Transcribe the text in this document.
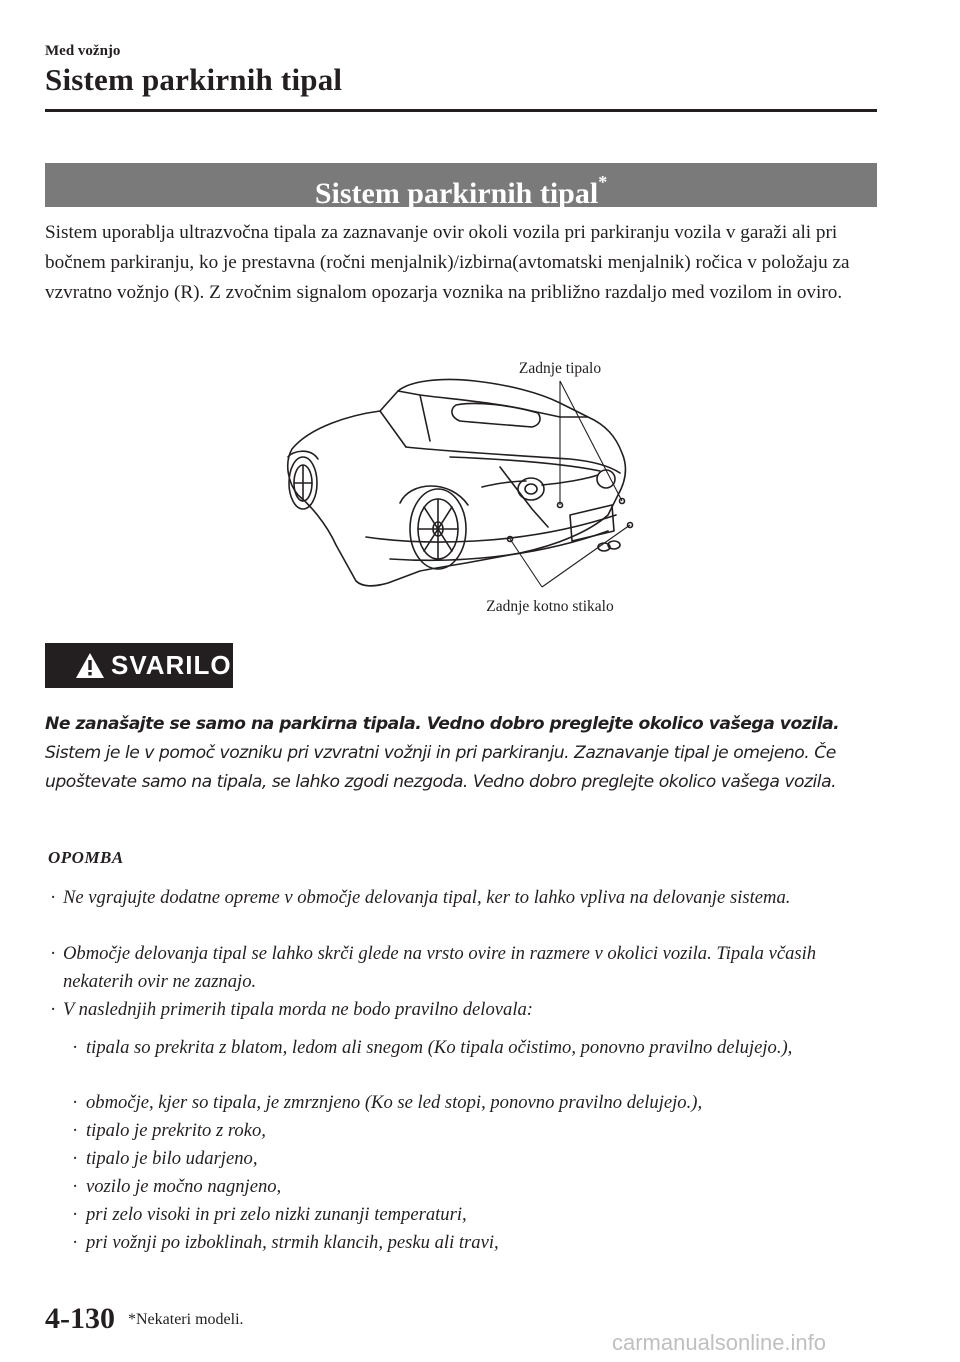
Med vožnjo
Sistem parkirnih tipal
Sistem parkirnih tipal*
Sistem uporablja ultrazvočna tipala za zaznavanje ovir okoli vozila pri parkiranju vozila v garaži ali pri bočnem parkiranju, ko je prestavna (ročni menjalnik)/izbirna(avtomatski menjalnik) ročica v položaju za vzvratno vožnjo (R). Z zvočnim signalom opozarja voznika na približno razdaljo med vozilom in oviro.
Zadnje tipalo
Zadnje kotno stikalo
SVARILO
Ne zanašajte se samo na parkirna tipala. Vedno dobro preglejte okolico vašega vozila.
Sistem je le v pomoč vozniku pri vzvratni vožnji in pri parkiranju. Zaznavanje tipal je omejeno. Če upoštevate samo na tipala, se lahko zgodi nezgoda. Vedno dobro preglejte okolico vašega vozila.
OPOMBA
· Ne vgrajujte dodatne opreme v območje delovanja tipal, ker to lahko vpliva na delovanje sistema.
· Območje delovanja tipal se lahko skrči glede na vrsto ovire in razmere v okolici vozila. Tipala včasih nekaterih ovir ne zaznajo.
· V naslednjih primerih tipala morda ne bodo pravilno delovala:
· tipala so prekrita z blatom, ledom ali snegom (Ko tipala očistimo, ponovno pravilno delujejo.),
· območje, kjer so tipala, je zmrznjeno (Ko se led stopi, ponovno pravilno delujejo.),
· tipalo je prekrito z roko,
· tipalo je bilo udarjeno,
· vozilo je močno nagnjeno,
· pri zelo visoki in pri zelo nizki zunanji temperaturi,
· pri vožnji po izboklinah, strmih klancih, pesku ali travi,
4-130 *Nekateri modeli.
carmanualsonline.info
